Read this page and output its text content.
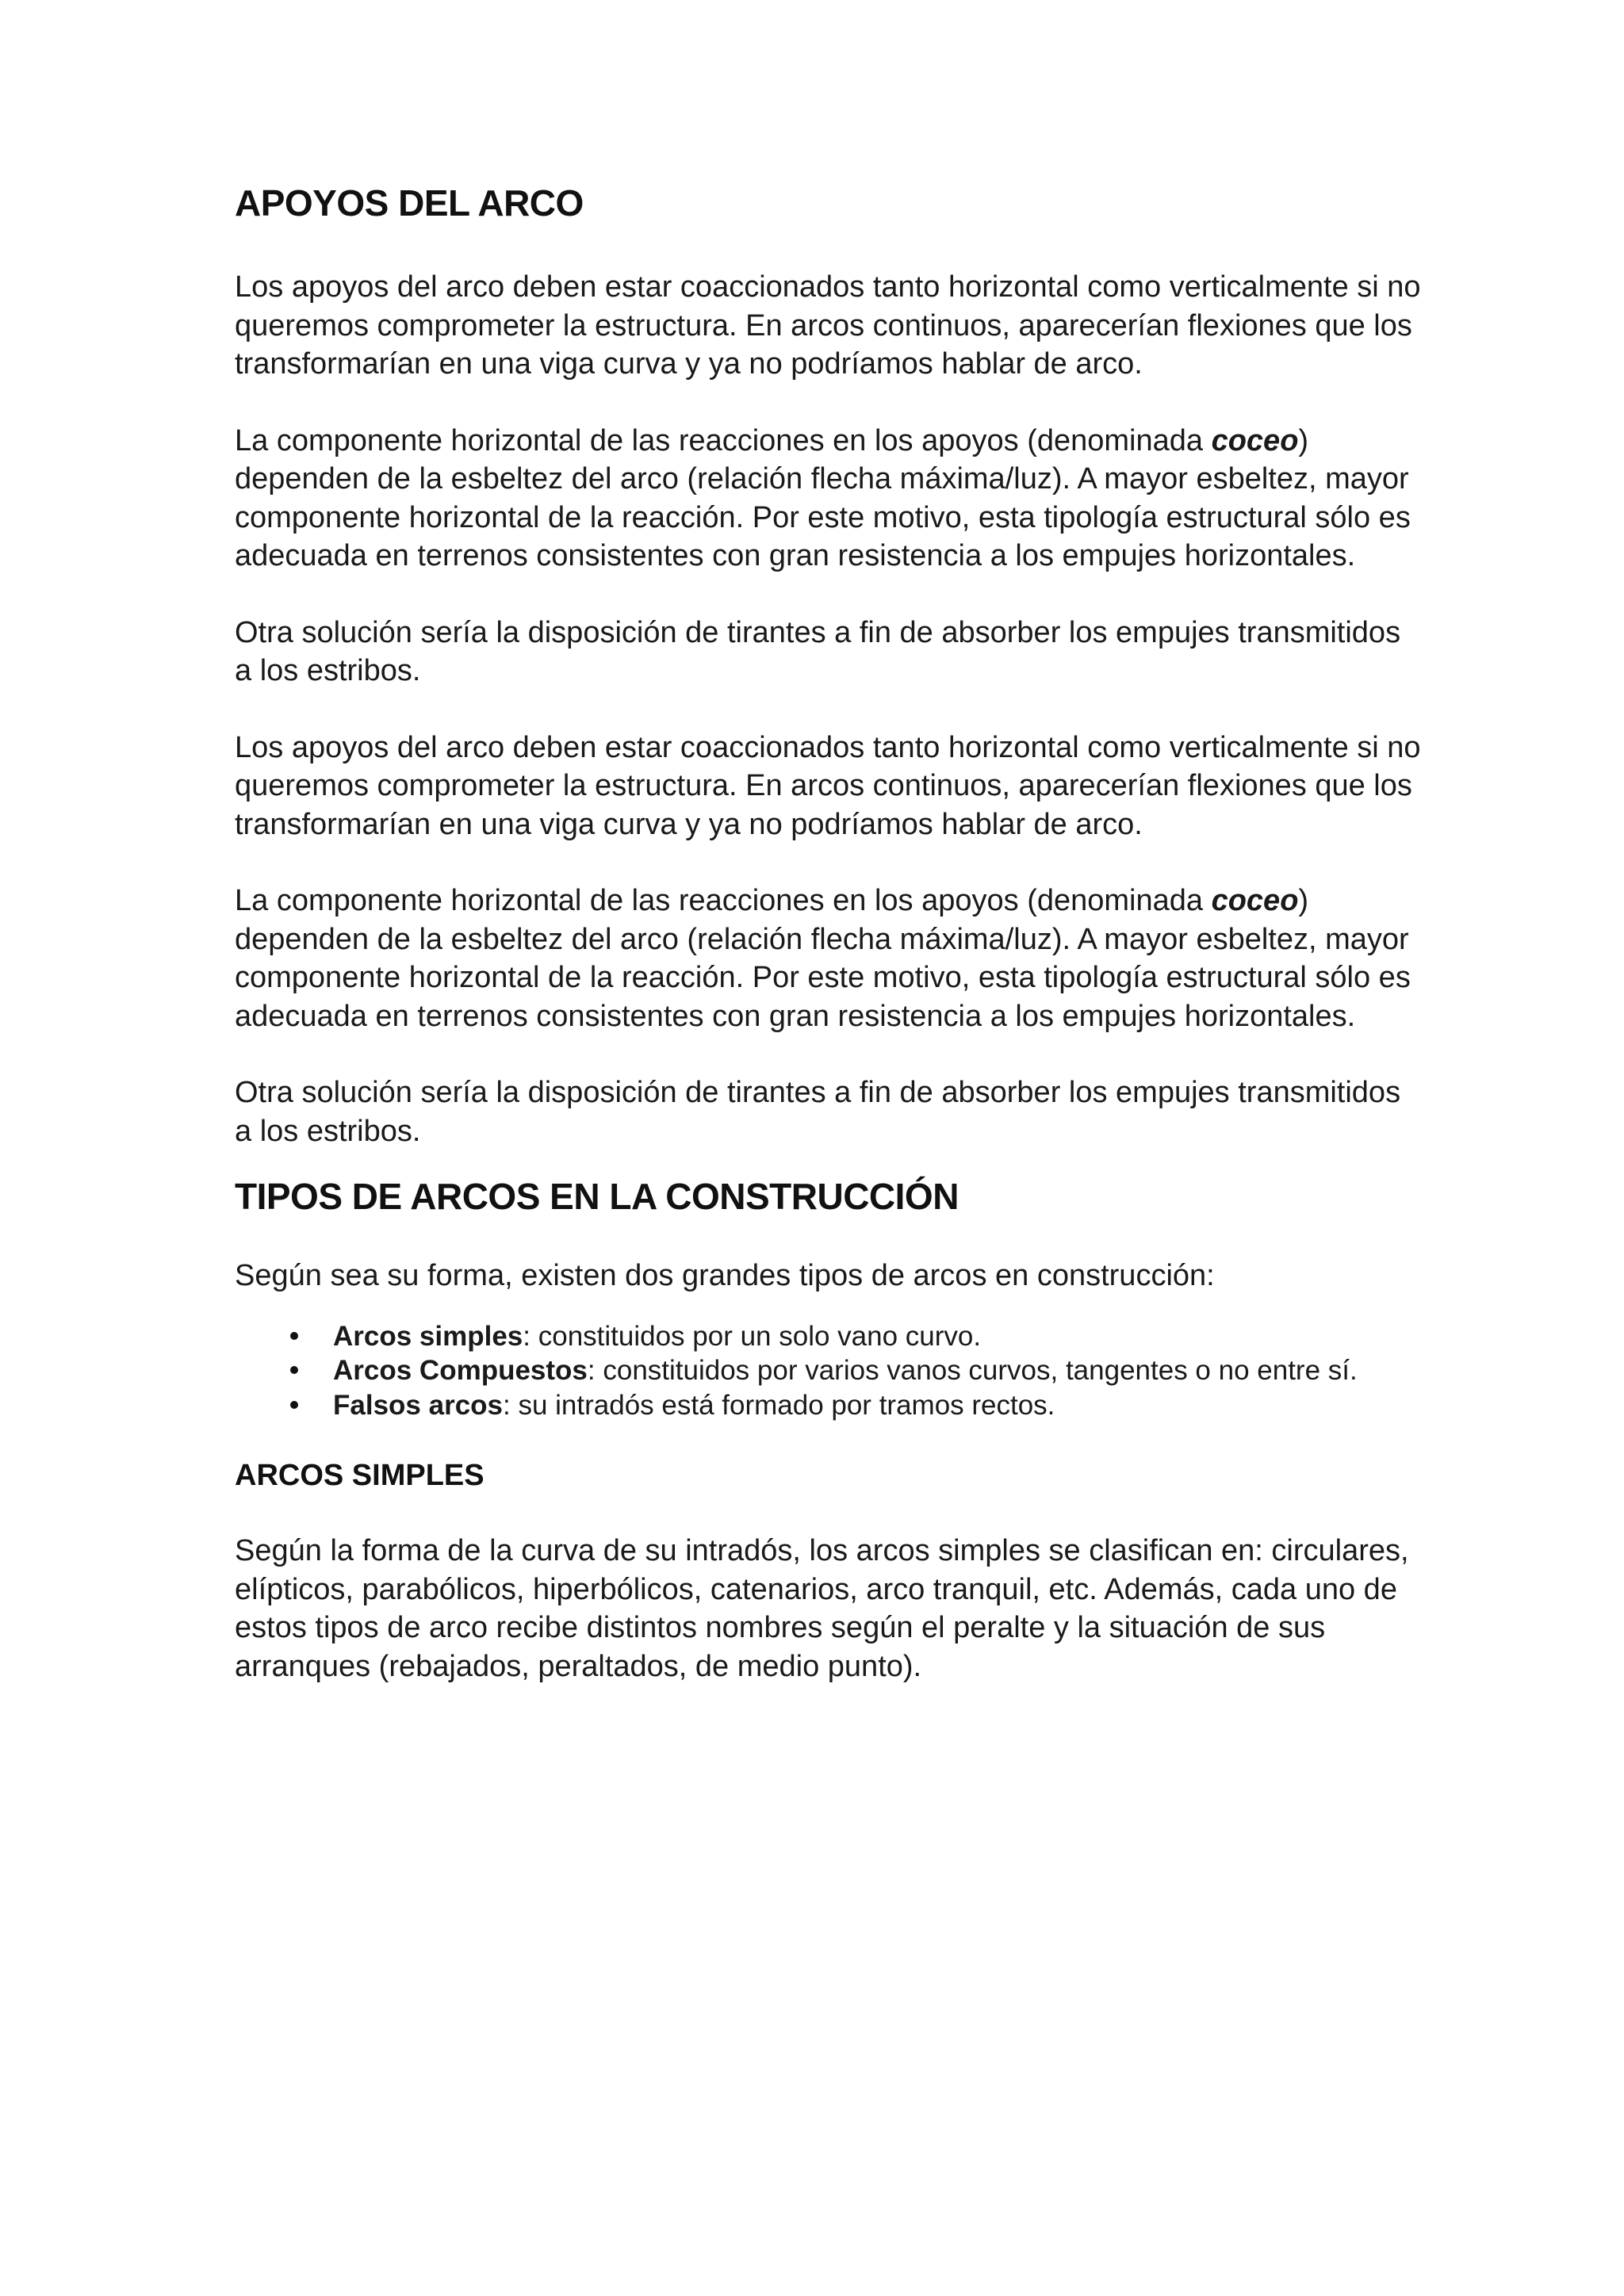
APOYOS DEL ARCO

Los apoyos del arco deben estar coaccionados tanto horizontal como verticalmente si no queremos comprometer la estructura. En arcos continuos, aparecerían flexiones que los transformarían en una viga curva y ya no podríamos hablar de arco.

La componente horizontal de las reacciones en los apoyos (denominada coceo) dependen de la esbeltez del arco (relación flecha máxima/luz). A mayor esbeltez, mayor componente horizontal de la reacción. Por este motivo, esta tipología estructural sólo es adecuada en terrenos consistentes con gran resistencia a los empujes horizontales.

Otra solución sería la disposición de tirantes a fin de absorber los empujes transmitidos a los estribos.

Los apoyos del arco deben estar coaccionados tanto horizontal como verticalmente si no queremos comprometer la estructura. En arcos continuos, aparecerían flexiones que los transformarían en una viga curva y ya no podríamos hablar de arco.

La componente horizontal de las reacciones en los apoyos (denominada coceo) dependen de la esbeltez del arco (relación flecha máxima/luz). A mayor esbeltez, mayor componente horizontal de la reacción. Por este motivo, esta tipología estructural sólo es adecuada en terrenos consistentes con gran resistencia a los empujes horizontales.

Otra solución sería la disposición de tirantes a fin de absorber los empujes transmitidos a los estribos.

TIPOS DE ARCOS EN LA CONSTRUCCIÓN

Según sea su forma, existen dos grandes tipos de arcos en construcción:

Arcos simples: constituidos por un solo vano curvo.
Arcos Compuestos: constituidos por varios vanos curvos, tangentes o no entre sí.
Falsos arcos: su intradós está formado por tramos rectos.
ARCOS SIMPLES

Según la forma de la curva de su intradós, los arcos simples se clasifican en: circulares, elípticos, parabólicos, hiperbólicos, catenarios, arco tranquil, etc. Además, cada uno de estos tipos de arco recibe distintos nombres según el peralte y la situación de sus arranques (rebajados, peraltados, de medio punto).
